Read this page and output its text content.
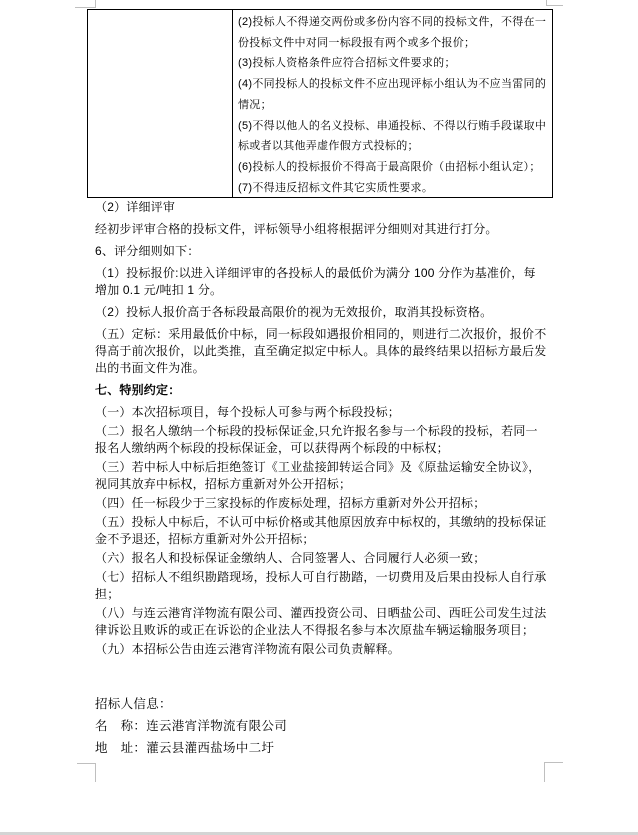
(2)投标人不得递交两份或多份内容不同的投标文件，不得在一份投标文件中对同一标段报有两个或多个报价；

(3)投标人资格条件应符合招标文件要求的；

(4)不同投标人的投标文件不应出现评标小组认为不应当雷同的情况；

(5)不得以他人的名义投标、串通投标、不得以行贿手段谋取中标或者以其他弄虚作假方式投标的；

(6)投标人的投标报价不得高于最高限价（由招标小组认定）；

(7)不得违反招标文件其它实质性要求。

（2）详细评审

经初步评审合格的投标文件，评标领导小组将根据评分细则对其进行打分。

6、评分细则如下：

（1）投标报价:以进入详细评审的各投标人的最低价为满分 100 分作为基准价，每增加 0.1 元/吨扣 1 分。

（2）投标人报价高于各标段最高限价的视为无效报价，取消其投标资格。

（五）定标：采用最低价中标，同一标段如遇报价相同的，则进行二次报价，报价不得高于前次报价，以此类推，直至确定拟定中标人。具体的最终结果以招标方最后发出的书面文件为准。

七、特别约定：

（一）本次招标项目，每个投标人可参与两个标段投标；

（二）报名人缴纳一个标段的投标保证金,只允许报名参与一个标段的投标，若同一报名人缴纳两个标段的投标保证金，可以获得两个标段的中标权；

（三）若中标人中标后拒绝签订《工业盐接卸转运合同》及《原盐运输安全协议》，视同其放弃中标权，招标方重新对外公开招标；

（四）任一标段少于三家投标的作废标处理，招标方重新对外公开招标；

（五）投标人中标后，不认可中标价格或其他原因放弃中标权的，其缴纳的投标保证金不予退还，招标方重新对外公开招标；

（六）报名人和投标保证金缴纳人、合同签署人、合同履行人必须一致；

（七）招标人不组织勘踏现场，投标人可自行勘踏，一切费用及后果由投标人自行承担；

（八）与连云港宵洋物流有限公司、灌西投资公司、日晒盐公司、西旺公司发生过法律诉讼且败诉的或正在诉讼的企业法人不得报名参与本次原盐车辆运输服务项目；

（九）本招标公告由连云港宵洋物流有限公司负责解释。

招标人信息：

名　称：连云港宵洋物流有限公司

地　址：灌云县灌西盐场中二圩
